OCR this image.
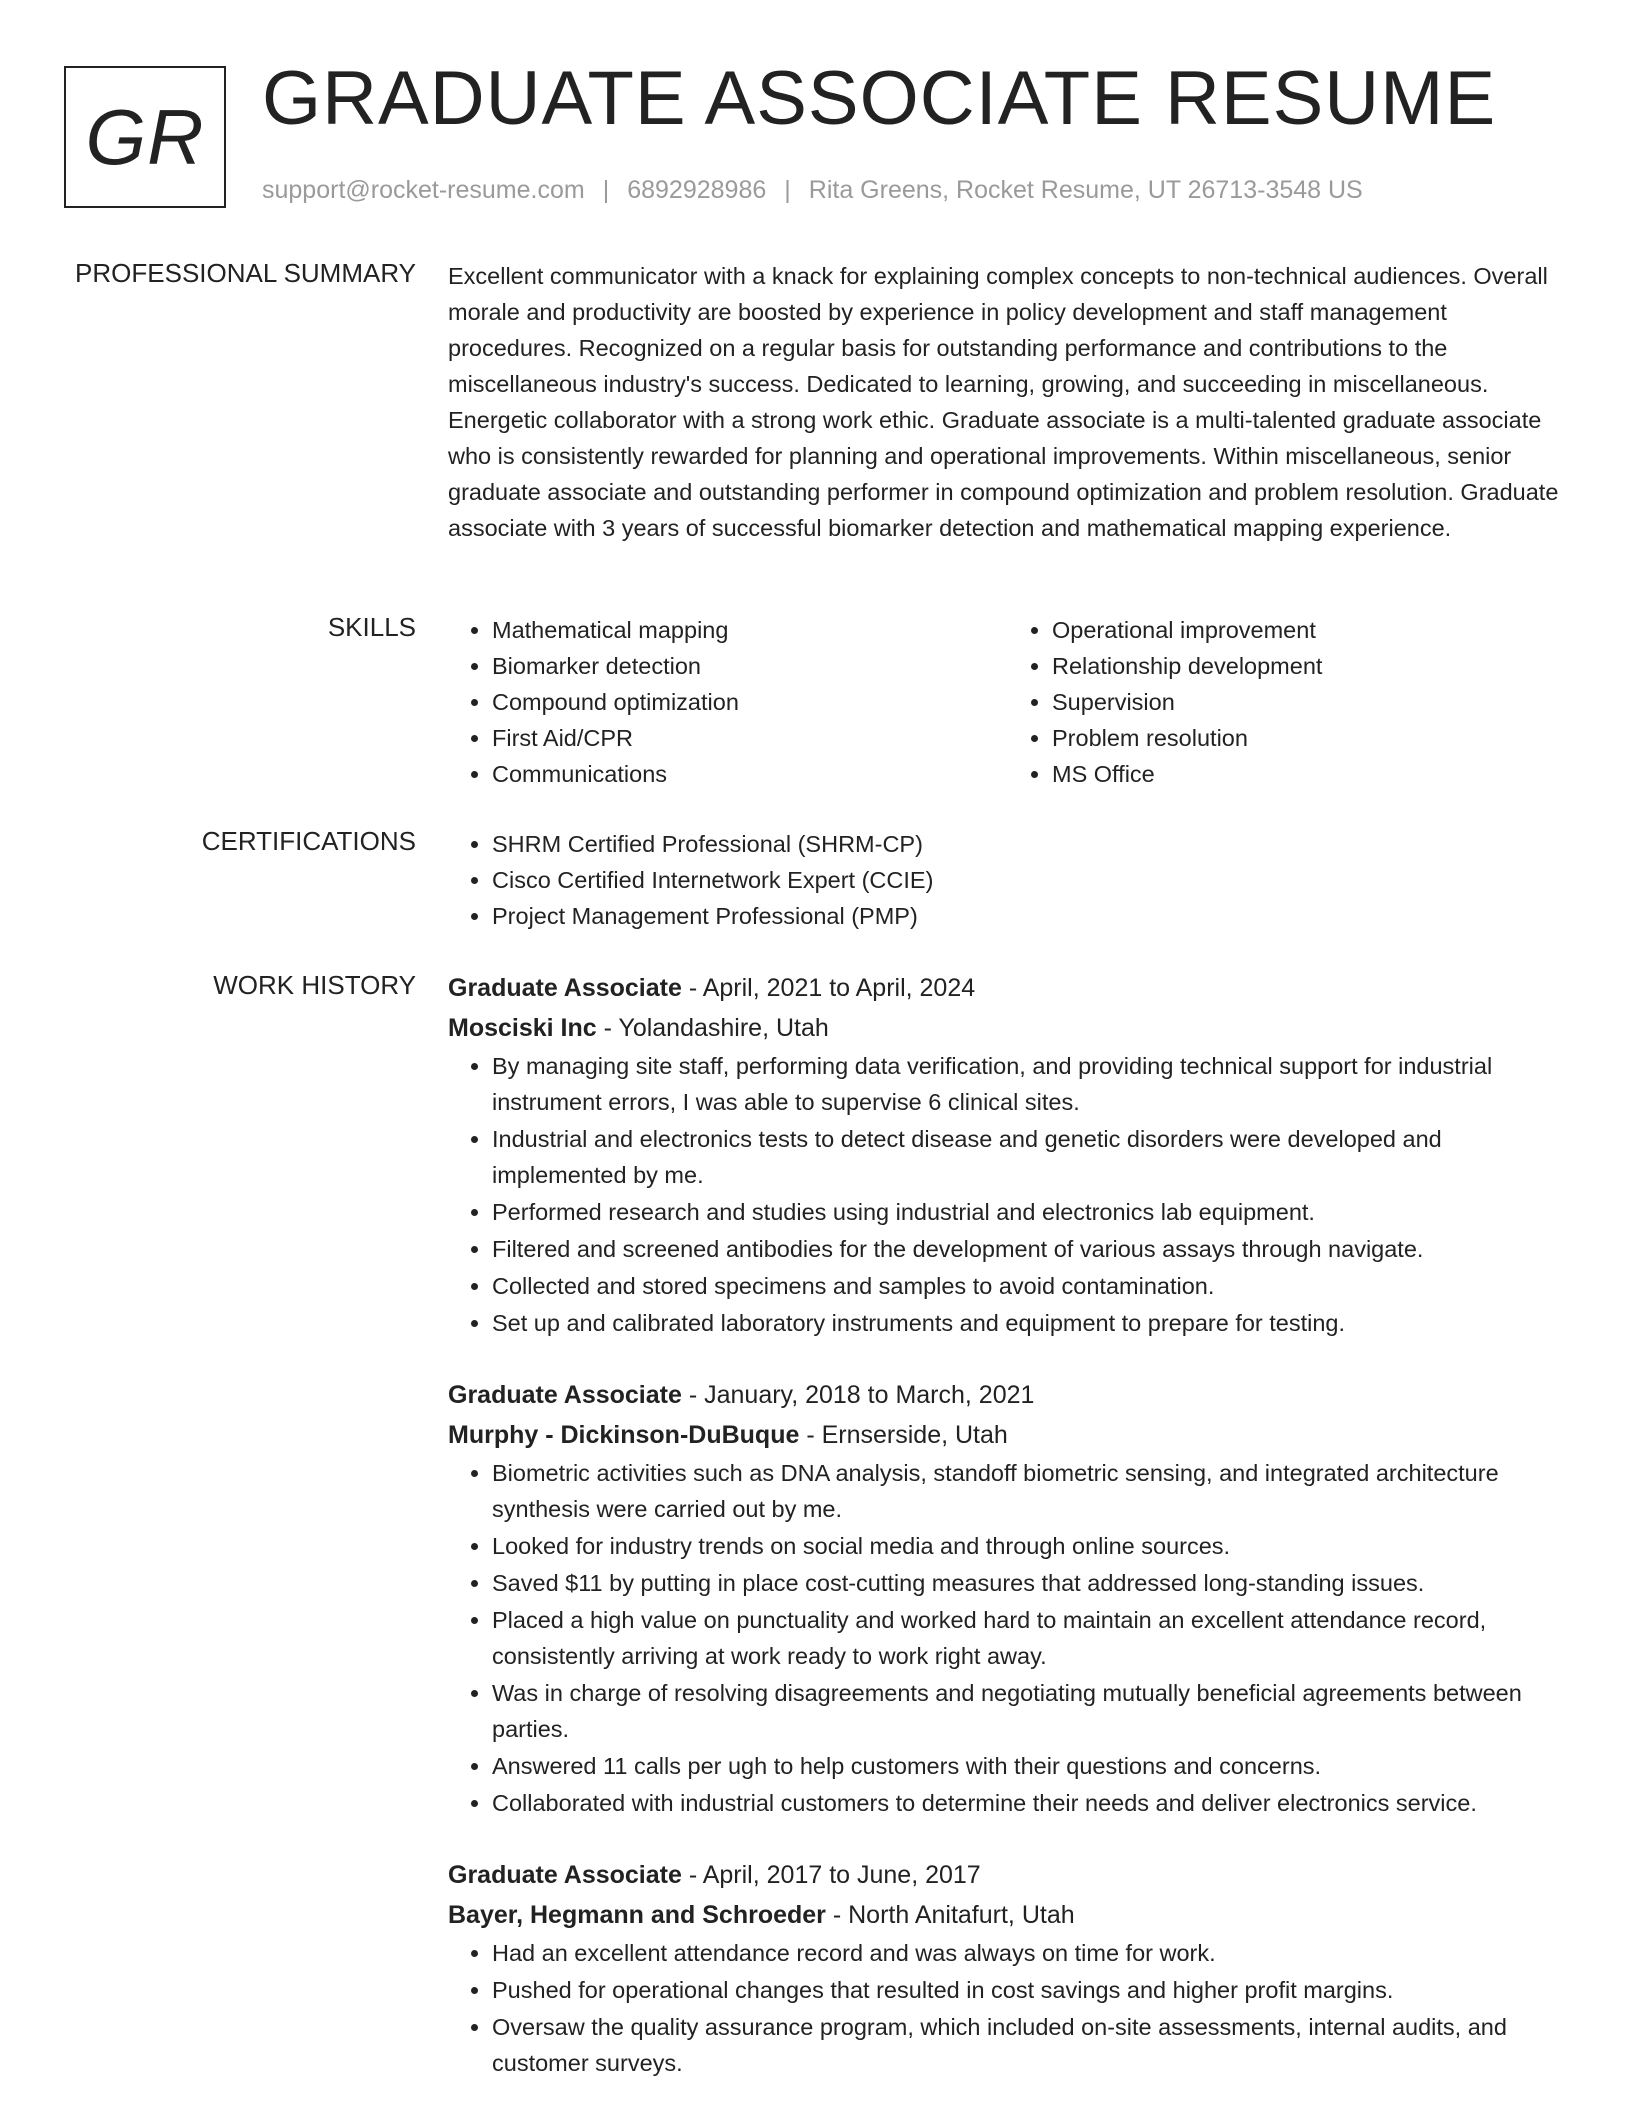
GR GRADUATE ASSOCIATE RESUME
support@rocket-resume.com | 6892928986 | Rita Greens, Rocket Resume, UT 26713-3548 US
PROFESSIONAL SUMMARY Excellent communicator with a knack for explaining complex concepts to non-technical audiences. Overall morale and productivity are boosted by experience in policy development and staff management procedures. Recognized on a regular basis for outstanding performance and contributions to the miscellaneous industry's success. Dedicated to learning, growing, and succeeding in miscellaneous. Energetic collaborator with a strong work ethic. Graduate associate is a multi-talented graduate associate who is consistently rewarded for planning and operational improvements. Within miscellaneous, senior graduate associate and outstanding performer in compound optimization and problem resolution. Graduate associate with 3 years of successful biomarker detection and mathematical mapping experience.

SKILLS	• Mathematical mapping
• Biomarker detection
• Compound optimization
• First Aid/CPR
• Communications
• Operational improvement
• Relationship development
• Supervision
• Problem resolution
• MS Office
CERTIFICATIONS	• SHRM Certified Professional (SHRM-CP)
• Cisco Certified Internetwork Expert (CCIE)
• Project Management Professional (PMP)
WORK HISTORY Graduate Associate - April, 2021 to April, 2024
Mosciski Inc - Yolandashire, Utah
• By managing site staff, performing data verification, and providing technical support for industrial instrument errors, I was able to supervise 6 clinical sites.
• Industrial and electronics tests to detect disease and genetic disorders were developed and implemented by me.
• Performed research and studies using industrial and electronics lab equipment.
• Filtered and screened antibodies for the development of various assays through navigate.
• Collected and stored specimens and samples to avoid contamination.
• Set up and calibrated laboratory instruments and equipment to prepare for testing.
Graduate Associate - January, 2018 to March, 2021
Murphy - Dickinson-DuBuque - Ernserside, Utah
• Biometric activities such as DNA analysis, standoff biometric sensing, and integrated architecture synthesis were carried out by me.
• Looked for industry trends on social media and through online sources.
• Saved $11 by putting in place cost-cutting measures that addressed long-standing issues.
• Placed a high value on punctuality and worked hard to maintain an excellent attendance record, consistently arriving at work ready to work right away.
• Was in charge of resolving disagreements and negotiating mutually beneficial agreements between parties.
• Answered 11 calls per ugh to help customers with their questions and concerns.
• Collaborated with industrial customers to determine their needs and deliver electronics service.
Graduate Associate - April, 2017 to June, 2017
Bayer, Hegmann and Schroeder - North Anitafurt, Utah
• Had an excellent attendance record and was always on time for work.
• Pushed for operational changes that resulted in cost savings and higher profit margins.
• Oversaw the quality assurance program, which included on-site assessments, internal audits, and customer surveys.
